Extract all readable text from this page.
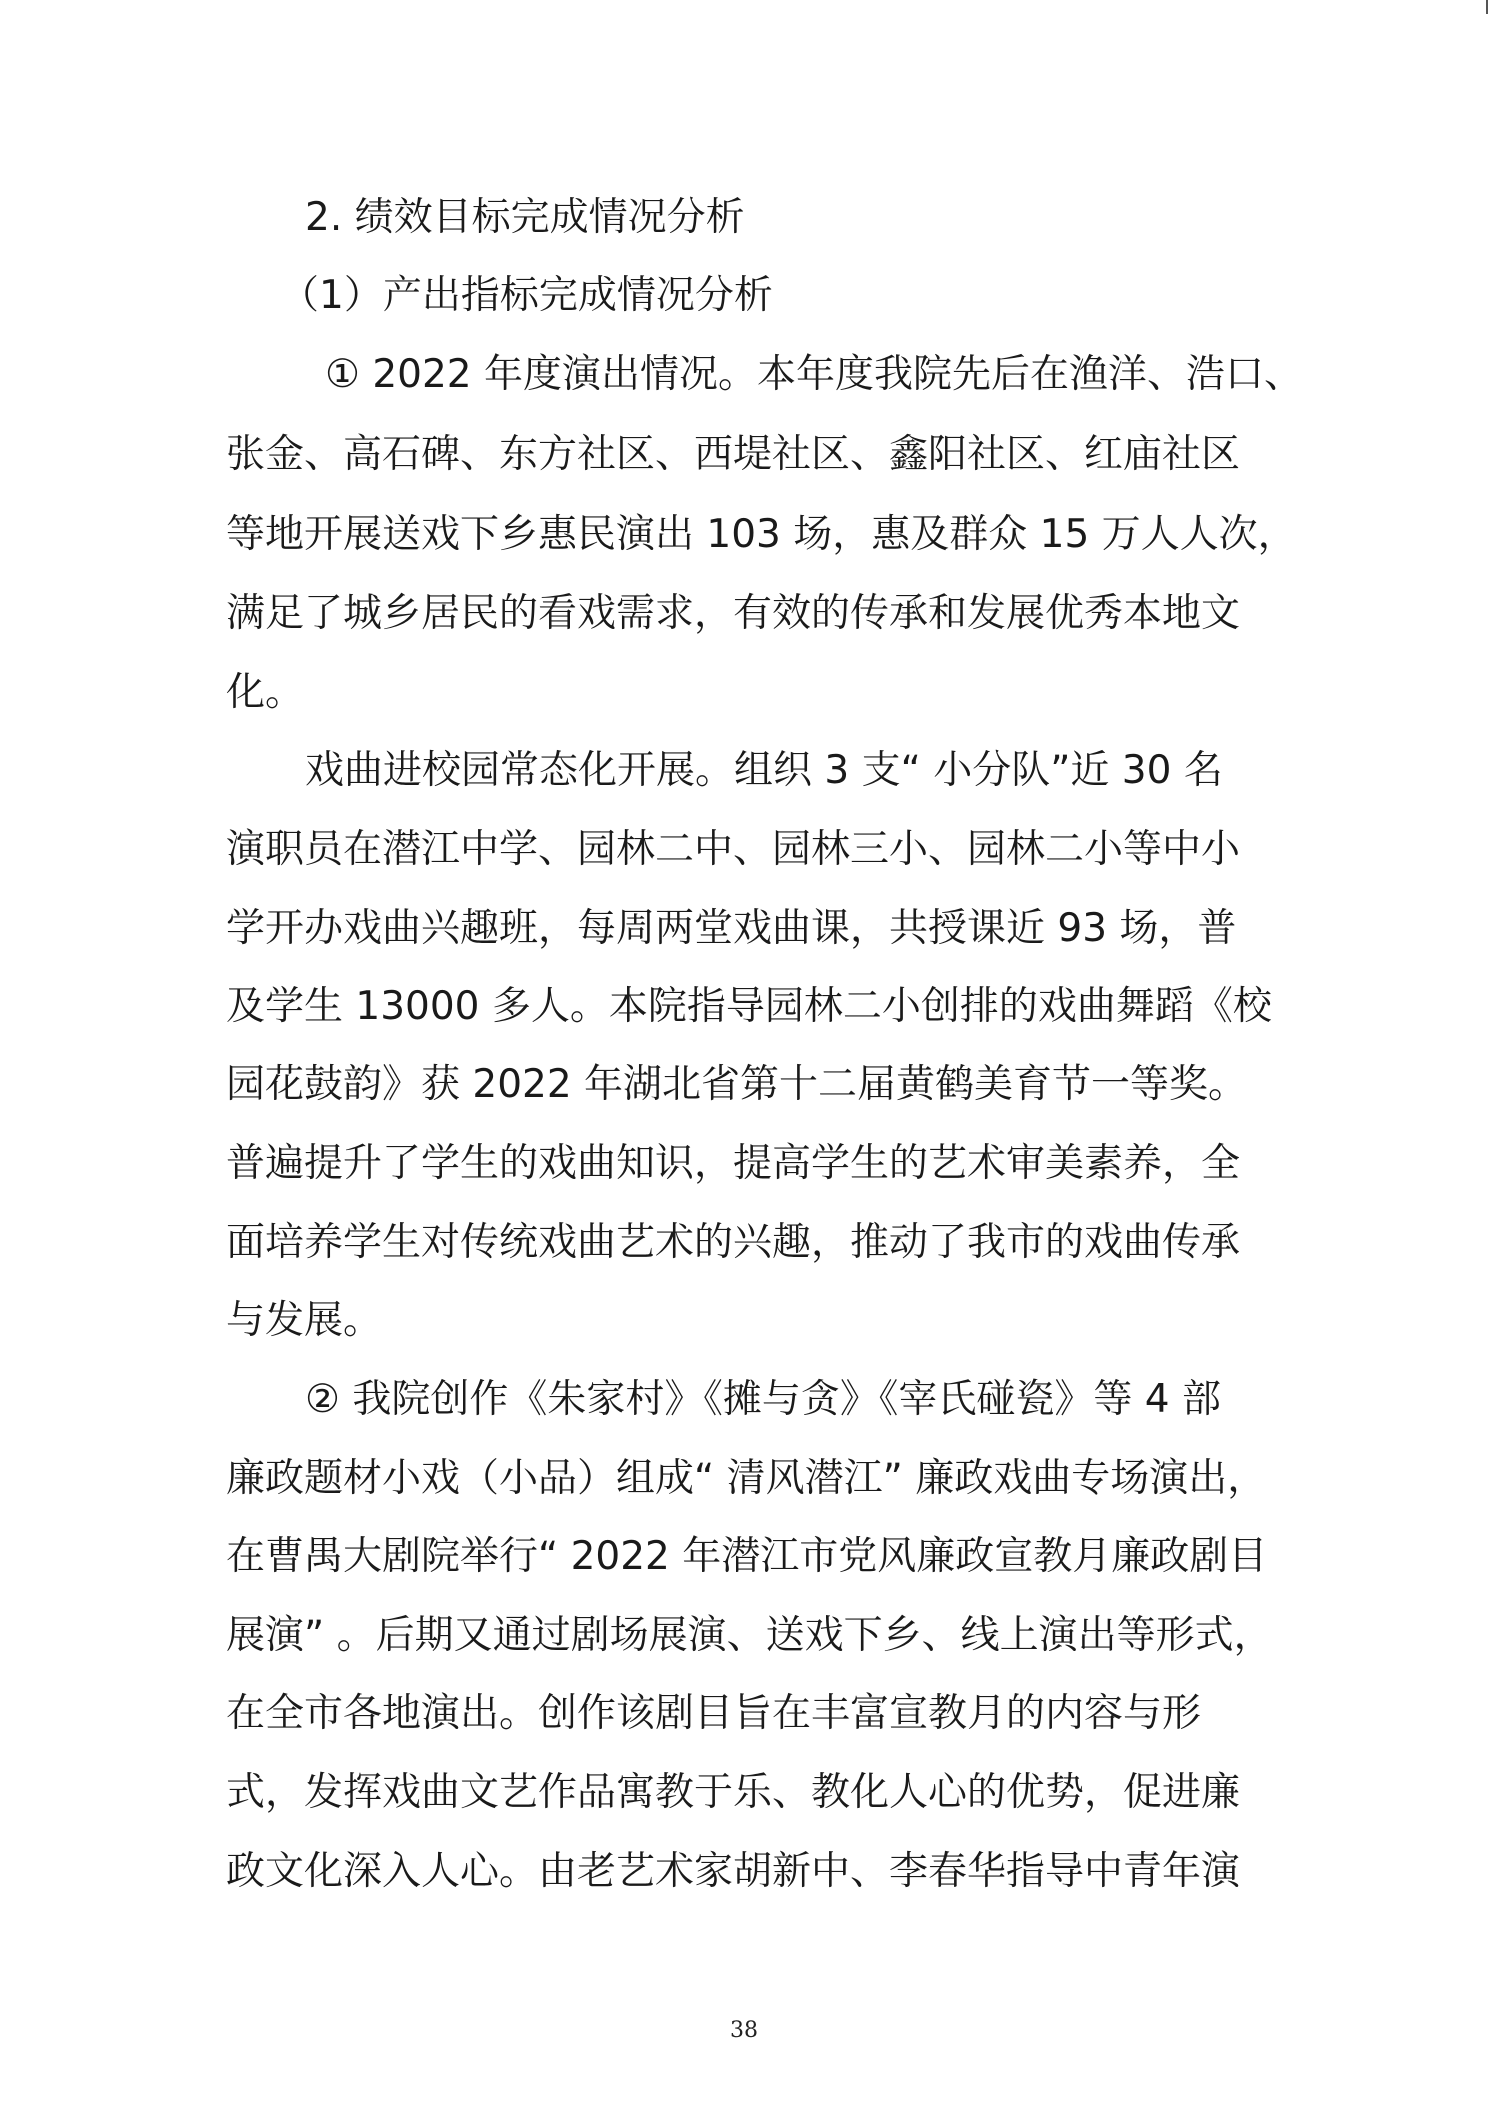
2. 绩效目标完成情况分析
（1）产出指标完成情况分析
① 2022 年度演出情况。本年度我院先后在渔洋、浩口、
张金、高石碑、东方社区、西堤社区、鑫阳社区、红庙社区
等地开展送戏下乡惠民演出 103 场，惠及群众 15 万人人次，
满足了城乡居民的看戏需求，有效的传承和发展优秀本地文
化。
戏曲进校园常态化开展。组织 3 支“ 小分队”近 30 名
演职员在潜江中学、园林二中、园林三小、园林二小等中小
学开办戏曲兴趣班，每周两堂戏曲课，共授课近 93 场，普
及学生 13000 多人。本院指导园林二小创排的戏曲舞蹈《校
园花鼓韵》获 2022 年湖北省第十二届黄鹤美育节一等奖。
普遍提升了学生的戏曲知识，提高学生的艺术审美素养，全
面培养学生对传统戏曲艺术的兴趣，推动了我市的戏曲传承
与发展。
② 我院创作《朱家村》《摊与贪》《宰氏碰瓷》等 4 部
廉政题材小戏（小品）组成“ 清风潜江” 廉政戏曲专场演出，
在曹禺大剧院举行“ 2022 年潜江市党风廉政宣教月廉政剧目
展演” 。后期又通过剧场展演、送戏下乡、线上演出等形式，
在全市各地演出。创作该剧目旨在丰富宣教月的内容与形
式，发挥戏曲文艺作品寓教于乐、教化人心的优势，促进廉
政文化深入人心。由老艺术家胡新中、李春华指导中青年演
38
